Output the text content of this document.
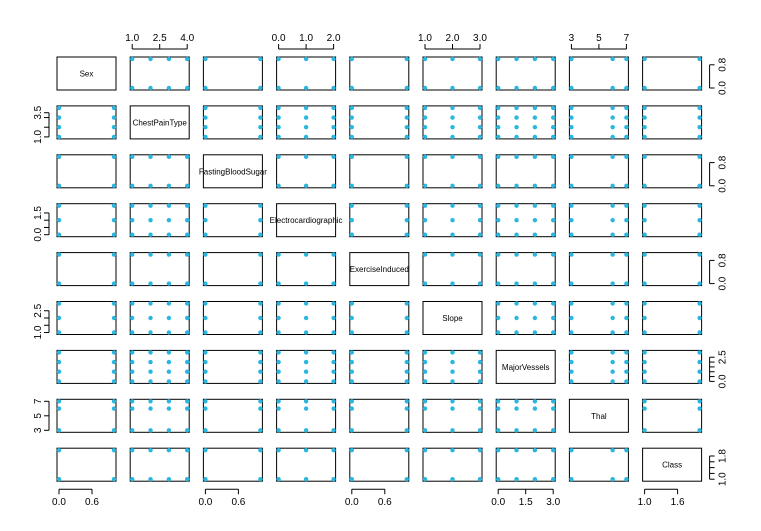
Sex
ChestPainType
FastingBloodSugar
Electrocardiographic
ExerciseInduced
Slope
MajorVessels
Thal
Class
1.0 2.5 4.0	0.0 1.0 2.0	1.0 2.0 3.0	3 5 7
0.0 0.6	0.0 0.6	0.0 0.6	0.0 1.5 3.0	1.0 1.6
1.0
3.5
0.0
1.5
1.0
2.5
3
5
7
0.0
0.8
0.0
0.8
0.0
0.8
0.0
2.5
1.0
1.8
